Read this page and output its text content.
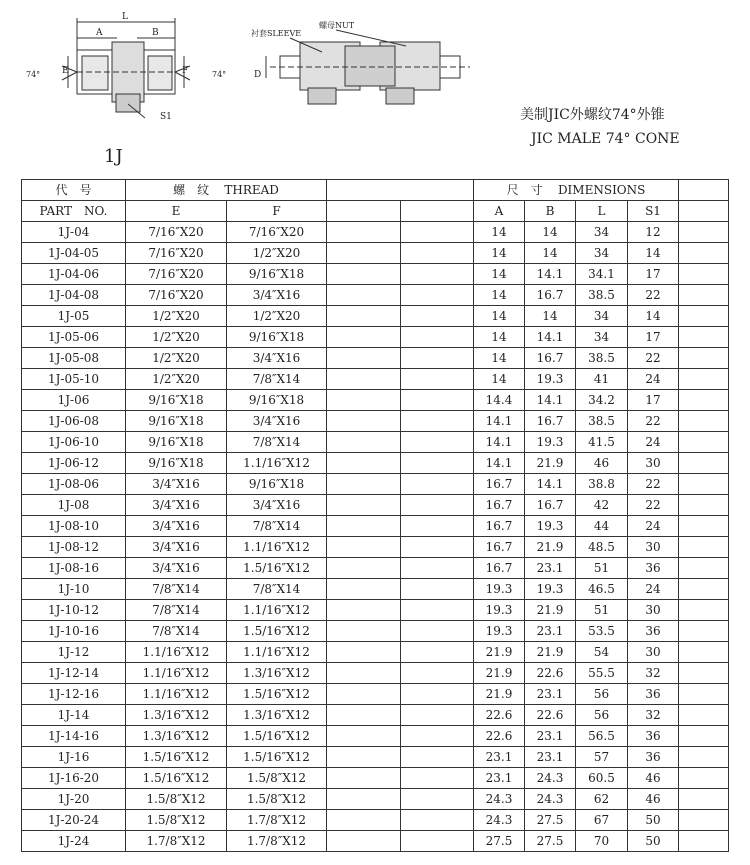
L
A	B
E	F
74°	74°
S1
衬套SLEEVE
螺母NUT
D
美制JIC外螺纹74°外锥
JIC MALE 74° CONE
1J
代　号	螺　纹 THREAD				尺　寸 DIMENSIONS				
PART　NO.	E	F			A	B	L	S1	
1J-04	7/16″X20	7/16″X20			14	14	34	12	
1J-04-05	7/16″X20	1/2″X20			14	14	34	14	
1J-04-06	7/16″X20	9/16″X18			14	14.1	34.1	17	
1J-04-08	7/16″X20	3/4″X16			14	16.7	38.5	22	
1J-05	1/2″X20	1/2″X20			14	14	34	14	
1J-05-06	1/2″X20	9/16″X18			14	14.1	34	17	
1J-05-08	1/2″X20	3/4″X16			14	16.7	38.5	22	
1J-05-10	1/2″X20	7/8″X14			14	19.3	41	24	
1J-06	9/16″X18	9/16″X18			14.4	14.1	34.2	17	
1J-06-08	9/16″X18	3/4″X16			14.1	16.7	38.5	22	
1J-06-10	9/16″X18	7/8″X14			14.1	19.3	41.5	24	
1J-06-12	9/16″X18	1.1/16″X12			14.1	21.9	46	30	
1J-08-06	3/4″X16	9/16″X18			16.7	14.1	38.8	22	
1J-08	3/4″X16	3/4″X16			16.7	16.7	42	22	
1J-08-10	3/4″X16	7/8″X14			16.7	19.3	44	24	
1J-08-12	3/4″X16	1.1/16″X12			16.7	21.9	48.5	30	
1J-08-16	3/4″X16	1.5/16″X12			16.7	23.1	51	36	
1J-10	7/8″X14	7/8″X14			19.3	19.3	46.5	24	
1J-10-12	7/8″X14	1.1/16″X12			19.3	21.9	51	30	
1J-10-16	7/8″X14	1.5/16″X12			19.3	23.1	53.5	36	
1J-12	1.1/16″X12	1.1/16″X12			21.9	21.9	54	30	
1J-12-14	1.1/16″X12	1.3/16″X12			21.9	22.6	55.5	32	
1J-12-16	1.1/16″X12	1.5/16″X12			21.9	23.1	56	36	
1J-14	1.3/16″X12	1.3/16″X12			22.6	22.6	56	32	
1J-14-16	1.3/16″X12	1.5/16″X12			22.6	23.1	56.5	36	
1J-16	1.5/16″X12	1.5/16″X12			23.1	23.1	57	36	
1J-16-20	1.5/16″X12	1.5/8″X12			23.1	24.3	60.5	46	
1J-20	1.5/8″X12	1.5/8″X12			24.3	24.3	62	46	
1J-20-24	1.5/8″X12	1.7/8″X12			24.3	27.5	67	50	
1J-24	1.7/8″X12	1.7/8″X12			27.5	27.5	70	50	
